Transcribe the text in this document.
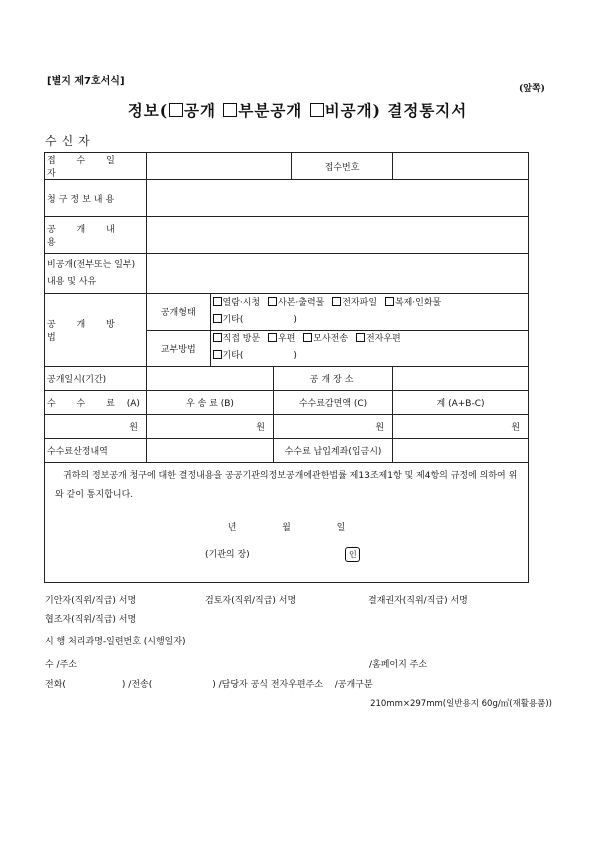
[별지 제7호서식]
(앞쪽)
정보( 공개 부분공개 비공개) 결정통지서
수신자
접 수 일 자		접수번호	
청구정보내용	
공 개 내 용	
비공개(전부또는 일부) 내용 및 사유	
공 개 방 법	
공개형태	열람·시청 사본·출력물 전자파일 복제·인화물
기타(	)
교부방법	직접 방문 우편 모사전송 전자우편
기타(	)

공개일시(기간)		공개장소	
수 수 료 (A)	우 송 료 (B)	수수료감면액 (C)	계 (A+B-C)
원	원	원	원
수수료산정내역		수수료 납입계좌(입금시)	

귀하의 정보공개 청구에 대한 결정내용을 공공기관의정보공개에관한법률 제13조제1항 및 제4항의 규정에 의하여 위와 같이 통지합니다.
년	월	일
(기관의 장)	인
기안자(직위/직급) 서명	검토자(직위/직급) 서명	결재권자(직위/직급) 서명
협조자(직위/직급) 서명
시 행 처리과명-일련번호 (시행일자)
수 /주소	/홈페이지 주소
전화(	) /전송(	) /담당자 공식 전자우편주소 /공개구분
210mm×297mm(일반용지 60g/㎡(재활용품))
